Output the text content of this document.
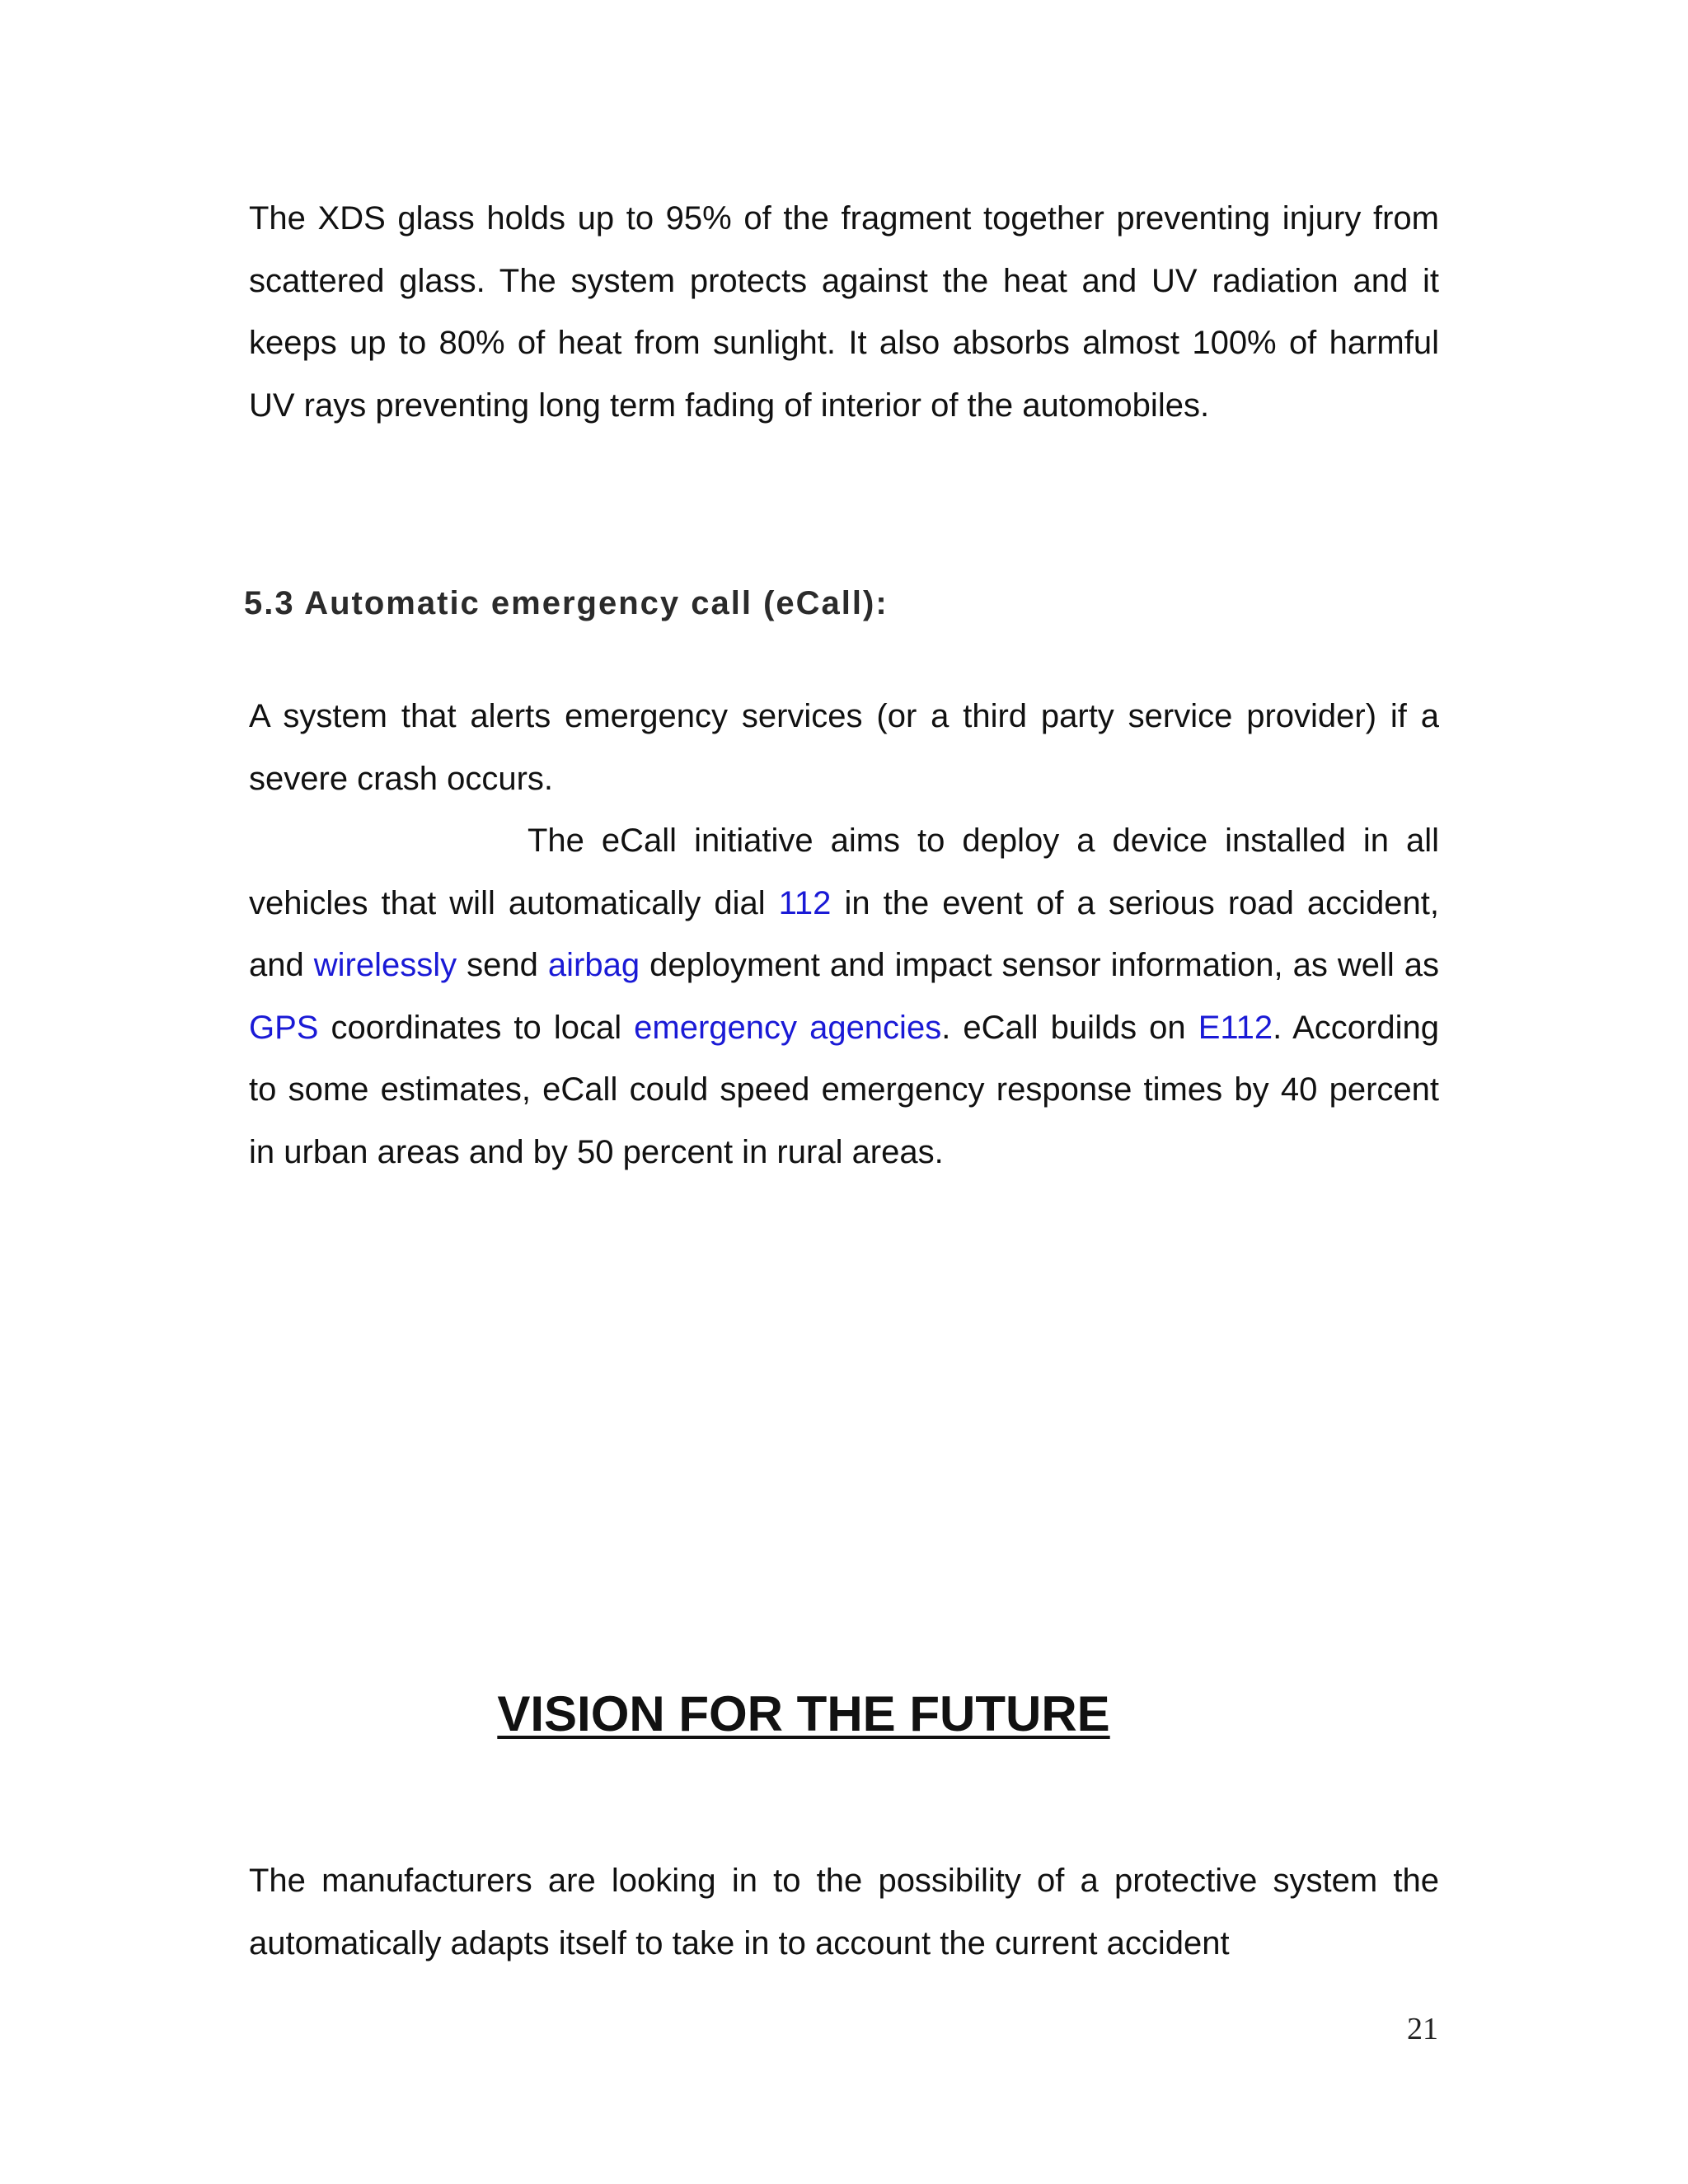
The XDS glass holds up to 95% of the fragment together preventing injury from scattered glass. The system protects against the heat and UV radiation and it keeps up to 80% of heat from sunlight. It also absorbs almost 100% of harmful UV rays preventing long term fading of interior of the automobiles.

5.3 Automatic emergency call (eCall):

A system that alerts emergency services (or a third party service provider) if a severe crash occurs.
The eCall initiative aims to deploy a device installed in all vehicles that will automatically dial 112 in the event of a serious road accident, and wirelessly send airbag deployment and impact sensor information, as well as GPS coordinates to local emergency agencies. eCall builds on E112. According to some estimates, eCall could speed emergency response times by 40 percent in urban areas and by 50 percent in rural areas.

VISION FOR THE FUTURE

The manufacturers are looking in to the possibility of a protective system the automatically adapts itself to take in to account the current accident

21
